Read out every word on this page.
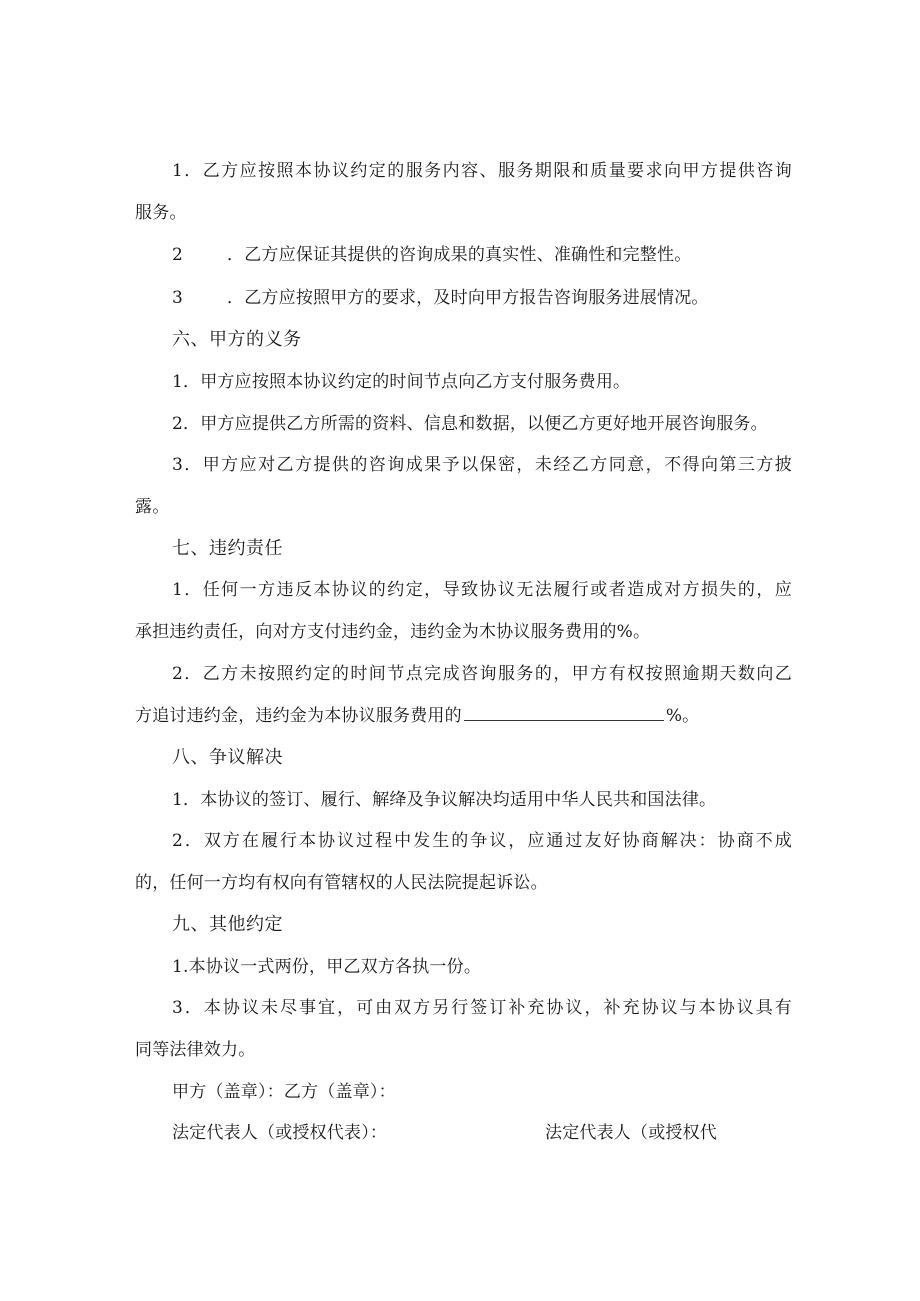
1．乙方应按照本协议约定的服务内容、服务期限和质量要求向甲方提供咨询
服务。
2	．乙方应保证其提供的咨询成果的真实性、准确性和完整性。
3	．乙方应按照甲方的要求，及时向甲方报告咨询服务进展情况。
六、甲方的义务
1．甲方应按照本协议约定的时间节点向乙方支付服务费用。
2．甲方应提供乙方所需的资料、信息和数据，以便乙方更好地开展咨询服务。
3．甲方应对乙方提供的咨询成果予以保密，未经乙方同意，不得向第三方披
露。
七、违约责任
1．任何一方违反本协议的约定，导致协议无法履行或者造成对方损失的，应
承担违约责任，向对方支付违约金，违约金为木协议服务费用的%。
2．乙方未按照约定的时间节点完成咨询服务的，甲方有权按照逾期天数向乙
方追讨违约金，违约金为本协议服务费用的	%。
八、争议解决
1．本协议的签订、履行、解绛及争议解决均适用中华人民共和国法律。
2．双方在履行本协议过程中发生的争议，应通过友好协商解决：协商不成
的，任何一方均有权向有管辖权的人民法院提起诉讼。
九、其他约定
1.本协议一式两份，甲乙双方各执一份。
3．本协议未尽事宜，可由双方另行签订补充协议，补充协议与本协议具有
同等法律效力。
甲方（盖章）：乙方（盖章）：
法定代表人（或授权代表）：	法定代表人（或授权代
